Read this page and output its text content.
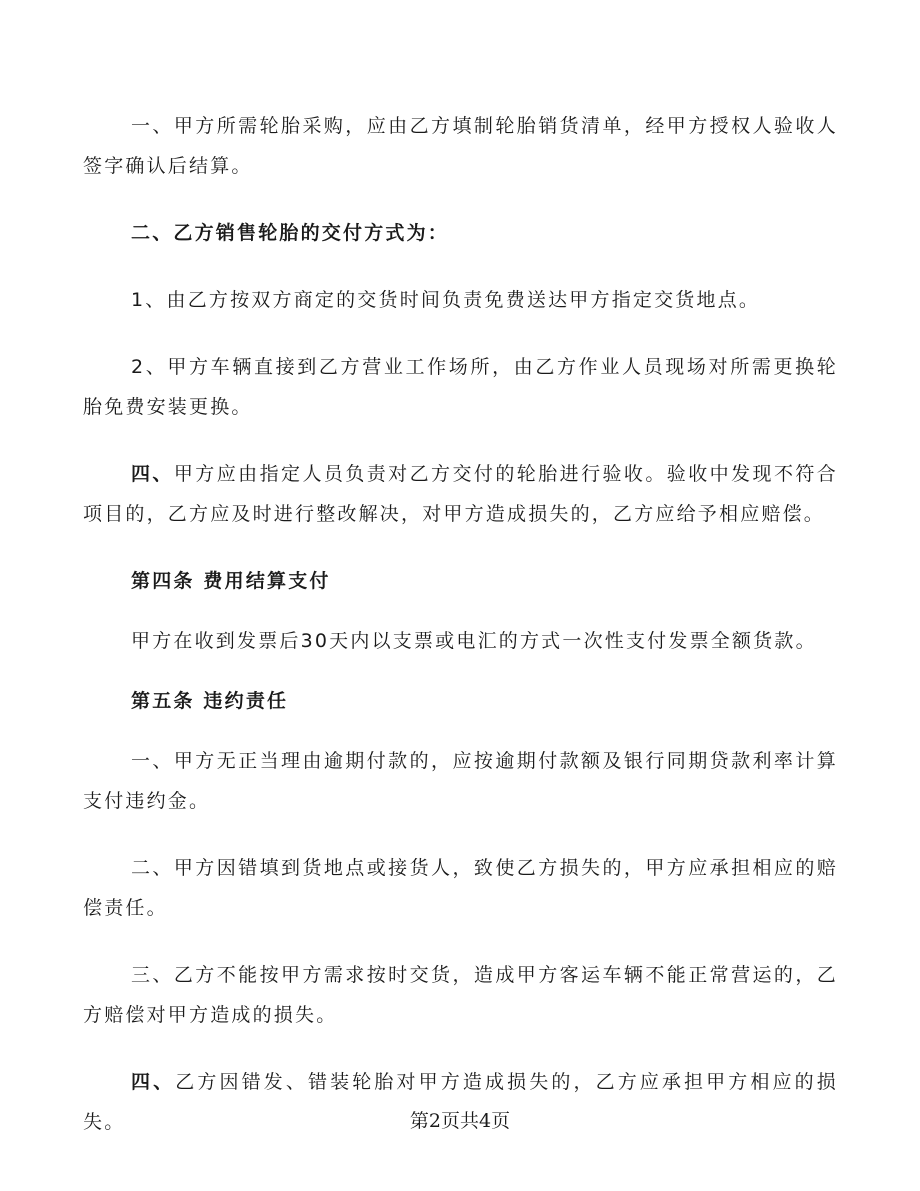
一、甲方所需轮胎采购，应由乙方填制轮胎销货清单，经甲方授权人验收人签字确认后结算。

二、乙方销售轮胎的交付方式为：

1、由乙方按双方商定的交货时间负责免费送达甲方指定交货地点。

2、甲方车辆直接到乙方营业工作场所，由乙方作业人员现场对所需更换轮胎免费安装更换。

四、甲方应由指定人员负责对乙方交付的轮胎进行验收。验收中发现不符合项目的，乙方应及时进行整改解决，对甲方造成损失的，乙方应给予相应赔偿。

第四条 费用结算支付

甲方在收到发票后30天内以支票或电汇的方式一次性支付发票全额货款。

第五条 违约责任

一、甲方无正当理由逾期付款的，应按逾期付款额及银行同期贷款利率计算支付违约金。

二、甲方因错填到货地点或接货人，致使乙方损失的，甲方应承担相应的赔偿责任。

三、乙方不能按甲方需求按时交货，造成甲方客运车辆不能正常营运的，乙方赔偿对甲方造成的损失。

四、乙方因错发、错装轮胎对甲方造成损失的，乙方应承担甲方相应的损失。	第2页共4页
